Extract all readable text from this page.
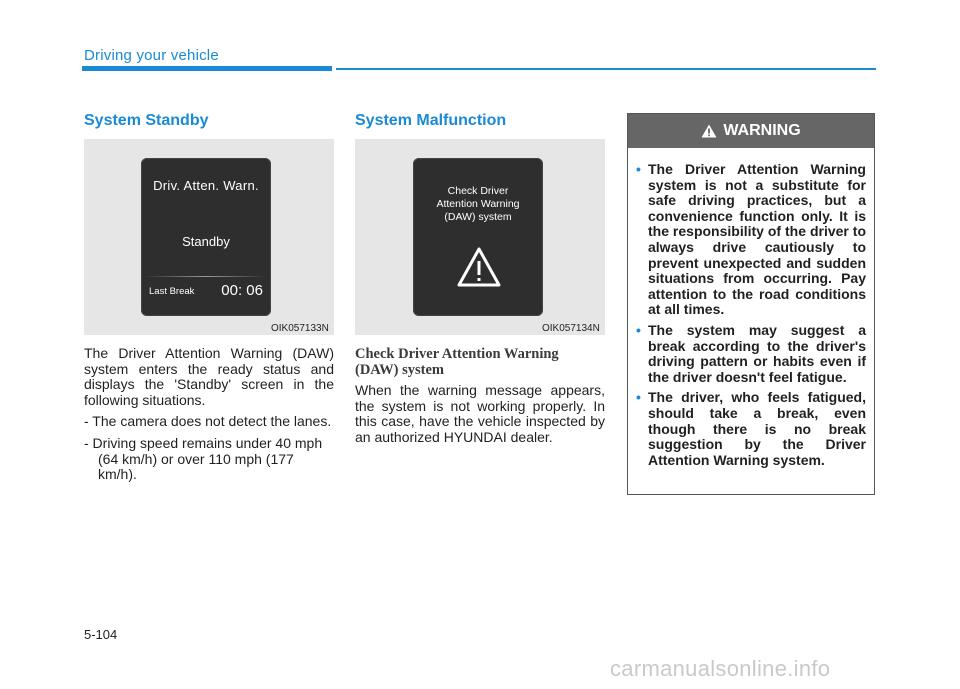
Driving your vehicle
System Standby
Driv. Atten. Warn.
Standby
Last Break 00: 06
OIK057133N

The Driver Attention Warning (DAW) system enters the ready status and displays the 'Standby' screen in the following situations.

- The camera does not detect the lanes.

- Driving speed remains under 40 mph (64 km/h) or over 110 mph (177 km/h).

System Malfunction
Check Driver
Attention Warning
(DAW) system
OIK057134N
Check Driver Attention Warning (DAW) system
When the warning message appears, the system is not working properly. In this case, have the vehicle inspected by an authorized HYUNDAI dealer.
WARNING
• The Driver Attention Warning system is not a substitute for safe driving practices, but a convenience function only. It is the responsibility of the driver to always drive cautiously to prevent unexpected and sudden situations from occurring. Pay attention to the road conditions at all times.
• The system may suggest a break according to the driver's driving pattern or habits even if the driver doesn't feel fatigue.
• The driver, who feels fatigued, should take a break, even though there is no break suggestion by the Driver Attention Warning system.
5-104
carmanualsonline.info
